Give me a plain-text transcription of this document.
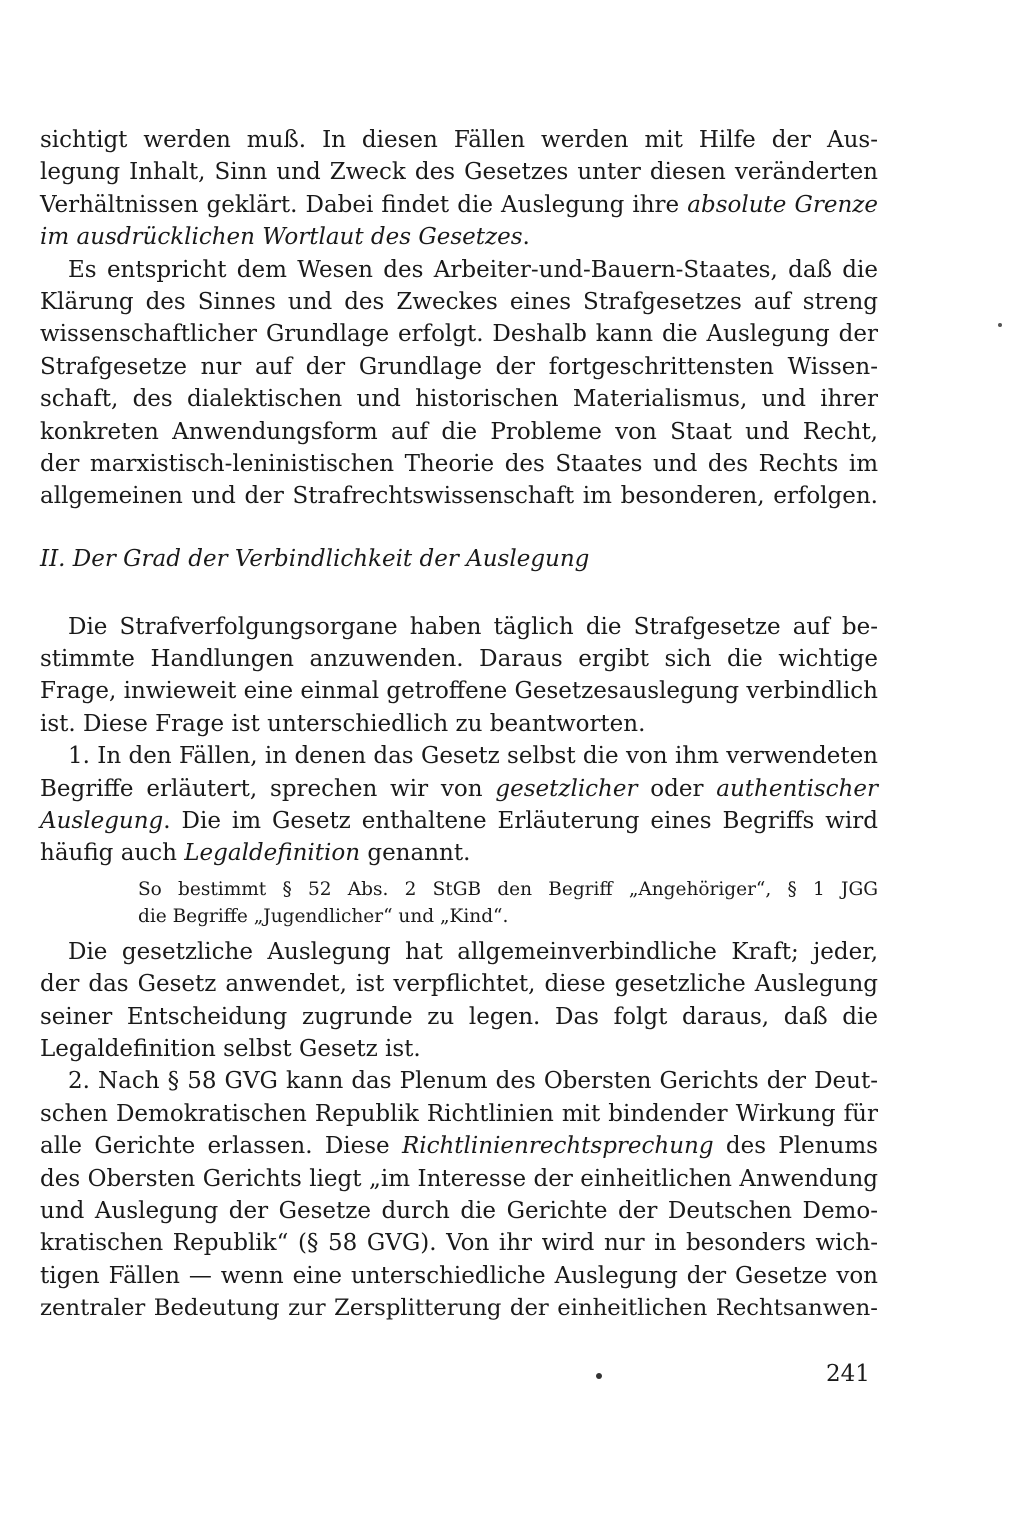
sichtigt werden muß. In diesen Fällen werden mit Hilfe der Aus-
legung Inhalt, Sinn und Zweck des Gesetzes unter diesen veränderten
Verhältnissen geklärt. Dabei findet die Auslegung ihre absolute Grenze
im ausdrücklichen Wortlaut des Gesetzes.
Es entspricht dem Wesen des Arbeiter-und-Bauern-Staates, daß die
Klärung des Sinnes und des Zweckes eines Strafgesetzes auf streng
wissenschaftlicher Grundlage erfolgt. Deshalb kann die Auslegung der
Strafgesetze nur auf der Grundlage der fortgeschrittensten Wissen-
schaft, des dialektischen und historischen Materialismus, und ihrer
konkreten Anwendungsform auf die Probleme von Staat und Recht,
der marxistisch-leninistischen Theorie des Staates und des Rechts im
allgemeinen und der Strafrechtswissenschaft im besonderen, erfolgen.
II. Der Grad der Verbindlichkeit der Auslegung
Die Strafverfolgungsorgane haben täglich die Strafgesetze auf be-
stimmte Handlungen anzuwenden. Daraus ergibt sich die wichtige
Frage, inwieweit eine einmal getroffene Gesetzesauslegung verbindlich
ist. Diese Frage ist unterschiedlich zu beantworten.
1. In den Fällen, in denen das Gesetz selbst die von ihm verwendeten
Begriffe erläutert, sprechen wir von gesetzlicher oder authentischer
Auslegung. Die im Gesetz enthaltene Erläuterung eines Begriffs wird
häufig auch Legaldefinition genannt.
So bestimmt § 52 Abs. 2 StGB den Begriff „Angehöriger“, § 1 JGG
die Begriffe „Jugendlicher“ und „Kind“.
Die gesetzliche Auslegung hat allgemeinverbindliche Kraft; jeder,
der das Gesetz anwendet, ist verpflichtet, diese gesetzliche Auslegung
seiner Entscheidung zugrunde zu legen. Das folgt daraus, daß die
Legaldefinition selbst Gesetz ist.
2. Nach § 58 GVG kann das Plenum des Obersten Gerichts der Deut-
schen Demokratischen Republik Richtlinien mit bindender Wirkung für
alle Gerichte erlassen. Diese Richtlinienrechtsprechung des Plenums
des Obersten Gerichts liegt „im Interesse der einheitlichen Anwendung
und Auslegung der Gesetze durch die Gerichte der Deutschen Demo-
kratischen Republik“ (§ 58 GVG). Von ihr wird nur in besonders wich-
tigen Fällen — wenn eine unterschiedliche Auslegung der Gesetze von
zentraler Bedeutung zur Zersplitterung der einheitlichen Rechtsanwen-
241
